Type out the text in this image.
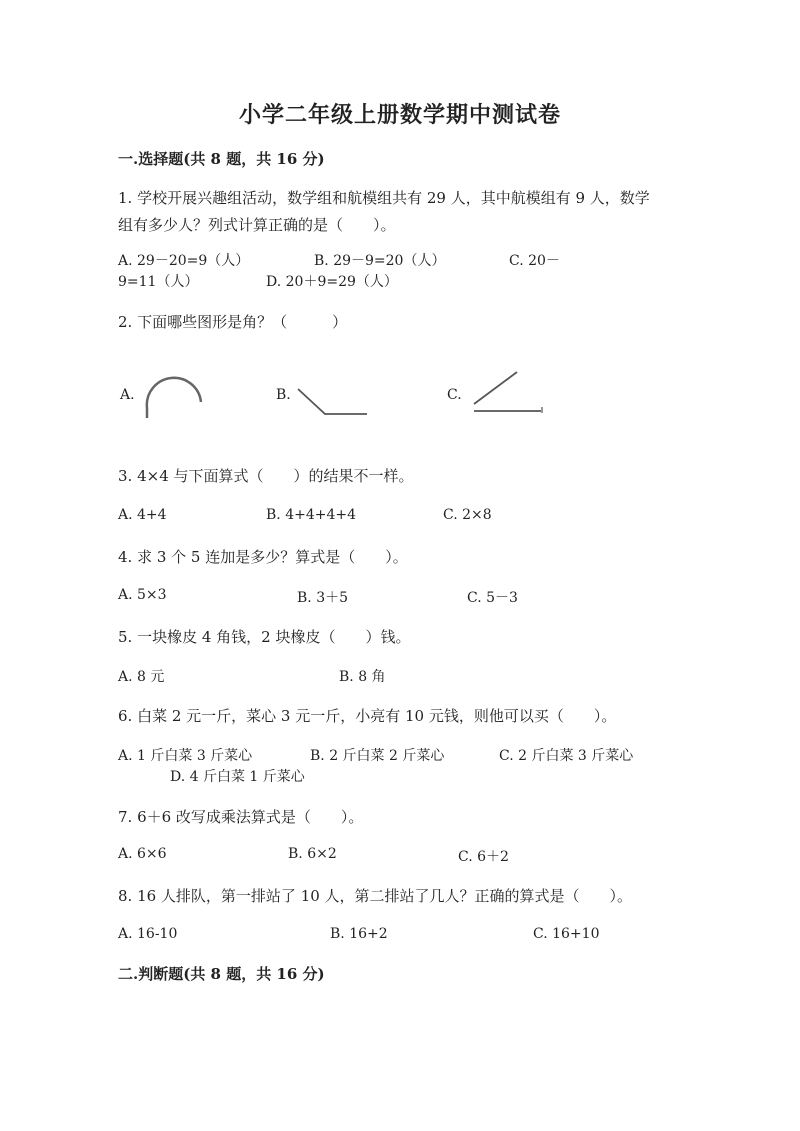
小学二年级上册数学期中测试卷
一.选择题(共 8 题，共 16 分)
1. 学校开展兴趣组活动，数学组和航模组共有 29 人，其中航模组有 9 人，数学
组有多少人？列式计算正确的是（　　）。
A. 29－20=9（人）	B. 29－9=20（人）	C. 20－
9=11（人）	D. 20＋9=29（人）
2. 下面哪些图形是角？（　　　）
A.	B.	C.
3. 4×4 与下面算式（　　）的结果不一样。
A. 4+4	B. 4+4+4+4	C. 2×8
4. 求 3 个 5 连加是多少？算式是（　　）。
A. 5×3	B. 3＋5	C. 5－3
5. 一块橡皮 4 角钱，2 块橡皮（　　）钱。
A. 8 元	B. 8 角
6. 白菜 2 元一斤，菜心 3 元一斤，小亮有 10 元钱，则他可以买（　　）。
A. 1 斤白菜 3 斤菜心	B. 2 斤白菜 2 斤菜心	C. 2 斤白菜 3 斤菜心
D. 4 斤白菜 1 斤菜心
7. 6＋6 改写成乘法算式是（　　）。
A. 6×6	B. 6×2	C. 6＋2
8. 16 人排队，第一排站了 10 人，第二排站了几人？正确的算式是（　　）。
A. 16-10	B. 16+2	C. 16+10
二.判断题(共 8 题，共 16 分)
